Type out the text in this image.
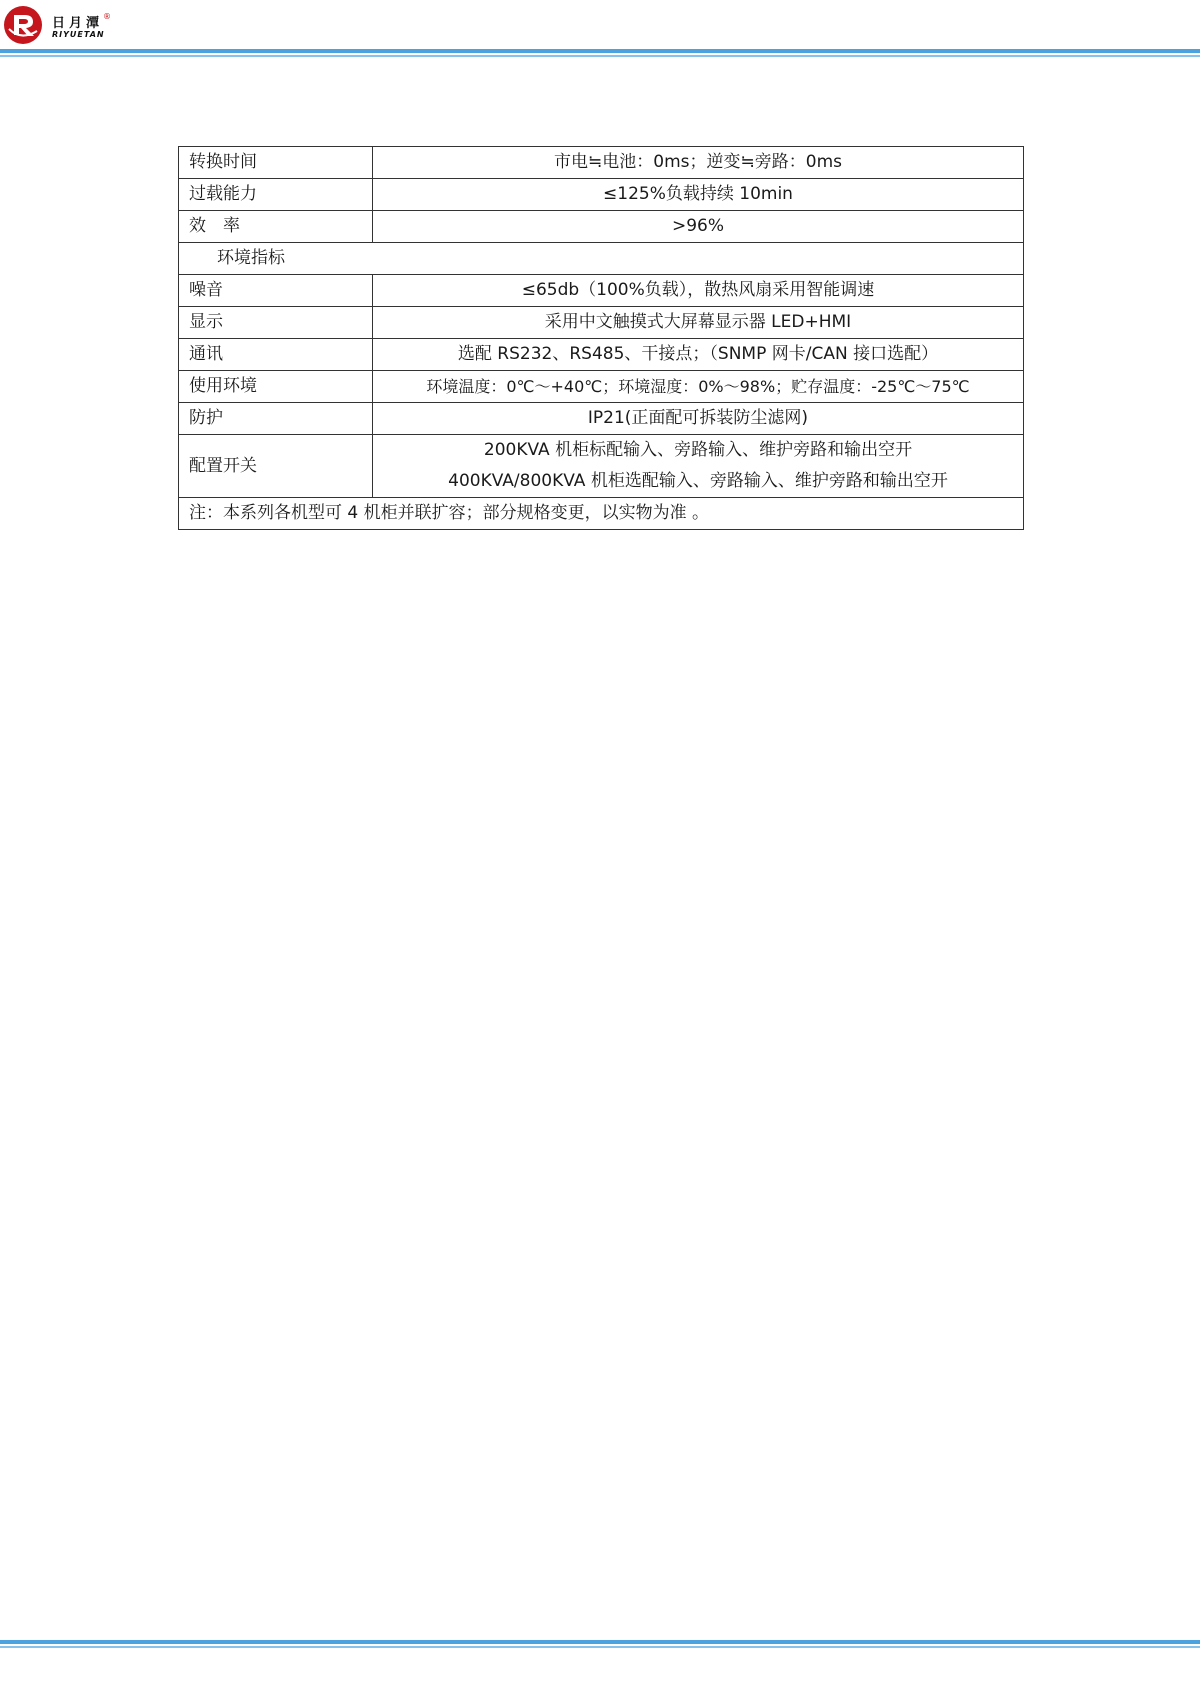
日月潭 ®
RIYUETAN
转换时间	市电≒电池：0ms；逆变≒旁路：0ms
过载能力	≤125%负载持续 10min
效　率	>96%
环境指标	
噪音	≤65db（100%负载），散热风扇采用智能调速
显示	采用中文触摸式大屏幕显示器 LED+HMI
通讯	选配 RS232、RS485、干接点；（SNMP 网卡/CAN 接口选配）
使用环境	环境温度：0℃～+40℃；环境湿度：0%～98%；贮存温度：-25℃～75℃
防护	IP21(正面配可拆装防尘滤网)
配置开关	200KVA 机柜标配输入、旁路输入、维护旁路和输出空开
400KVA/800KVA 机柜选配输入、旁路输入、维护旁路和输出空开

注：本系列各机型可 4 机柜并联扩容；部分规格变更，以实物为准 。	
